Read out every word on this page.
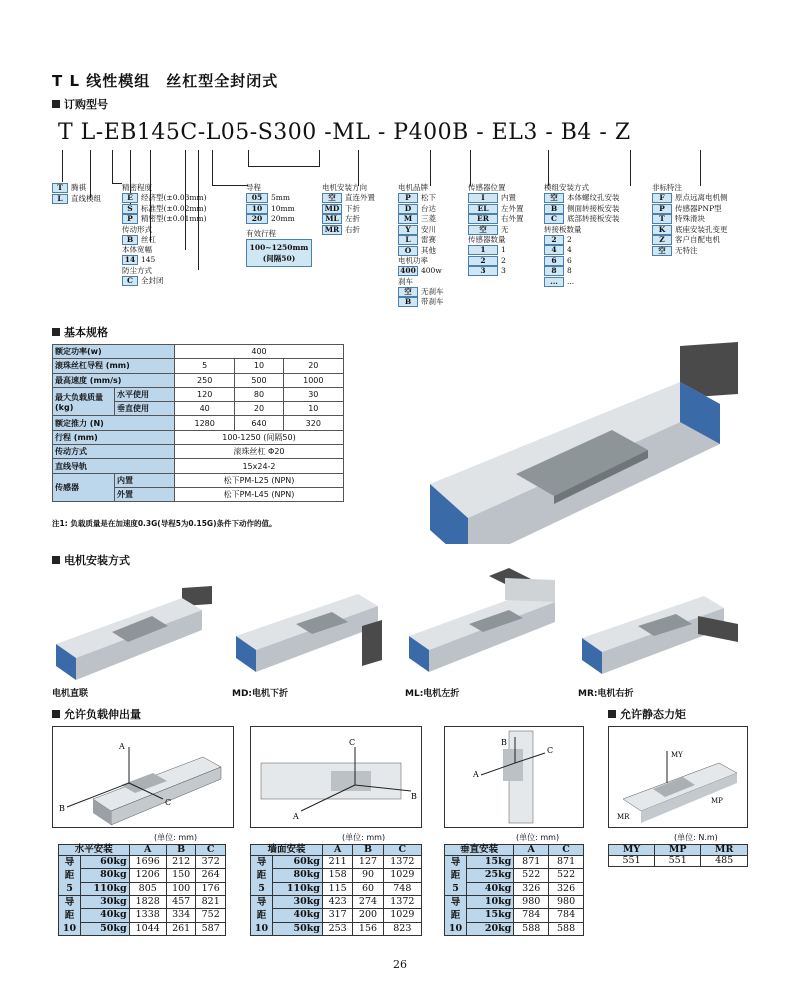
T L 线性模组　丝杠型全封闭式
订购型号
T L-EB145C-L05-S300 -ML - P400B - EL3 - B4 - Z
T	腾祺
L	直线模组
精密程度
E	经济型(±0.03mm)
S	标准型(±0.02mm)
P	精密型(±0.01mm)
传动形式
B	丝杠
本体宽幅
14 145
防尘方式
C	全封闭
导程
05	5mm
10	10mm
20	20mm
有效行程
100~1250mm
(间隔50)
电机安装方向
空	直连外置
MD 下折
ML 左折
MR 右折
电机品牌
P	松下
D	台达
M	三菱
Y	安川
L	雷赛
O	其他
电机功率
400 400w
刹车
空	无刹车
B	带刹车
传感器位置
I	内置
EL	左外置
ER	右外置
空	无
传感器数量
1	1
2	2
3	3
模组安装方式
空	本体螺纹孔安装
B	侧面转接板安装
C	底部转接板安装
转接板数量
2	2
4	4
6	6
8	8
...	...
非标特注
F	原点远离电机侧
P	传感器PNP型
T	特殊滑块
K	底座安装孔变更
Z	客户自配电机
空	无特注
基本规格
额定功率(w)		400		
滚珠丝杠导程 (mm)		5	10	20
最高速度 (mm/s)		250	500	1000
最大负载质量 (kg)	水平使用	120	80	30
	垂直使用	40	20	10
额定推力 (N)		1280	640	320
行程 (mm)		100-1250 (间隔50)		
传动方式		滚珠丝杠 Φ20		
直线导轨		15x24-2		
传感器	内置	松下PM-L25 (NPN)		
	外置	松下PM-L45 (NPN)		
注1: 负载质量是在加速度0.3G(导程5为0.15G)条件下动作的值。
电机安装方式
电机直联	MD:电机下折	ML:电机左折	MR:电机右折
允许负载伸出量	允许静态力矩
A
B
C
C
B
A
A
C
B
MY
MP
MR
(单位: mm)	(单位: mm)	(单位: mm)	(单位: N.m)
水平安装		A	B	C
导距 5	60kg	1696	212	372
	80kg	1206	150	264
	110kg	805	100	176
导距 10	30kg	1828	457	821
	40kg	1338	334	752
	50kg	1044	261	587
墙面安装		A	B	C
导距 5	60kg	211	127	1372
	80kg	158	90	1029
	110kg	115	60	748
导距 10	30kg	423	274	1372
	40kg	317	200	1029
	50kg	253	156	823
垂直安装		A	C
导距 5	15kg	871	871
	25kg	522	522
	40kg	326	326
导距 10	10kg	980	980
	15kg	784	784
	20kg	588	588
MY	MP	MR
551	551	485
26
